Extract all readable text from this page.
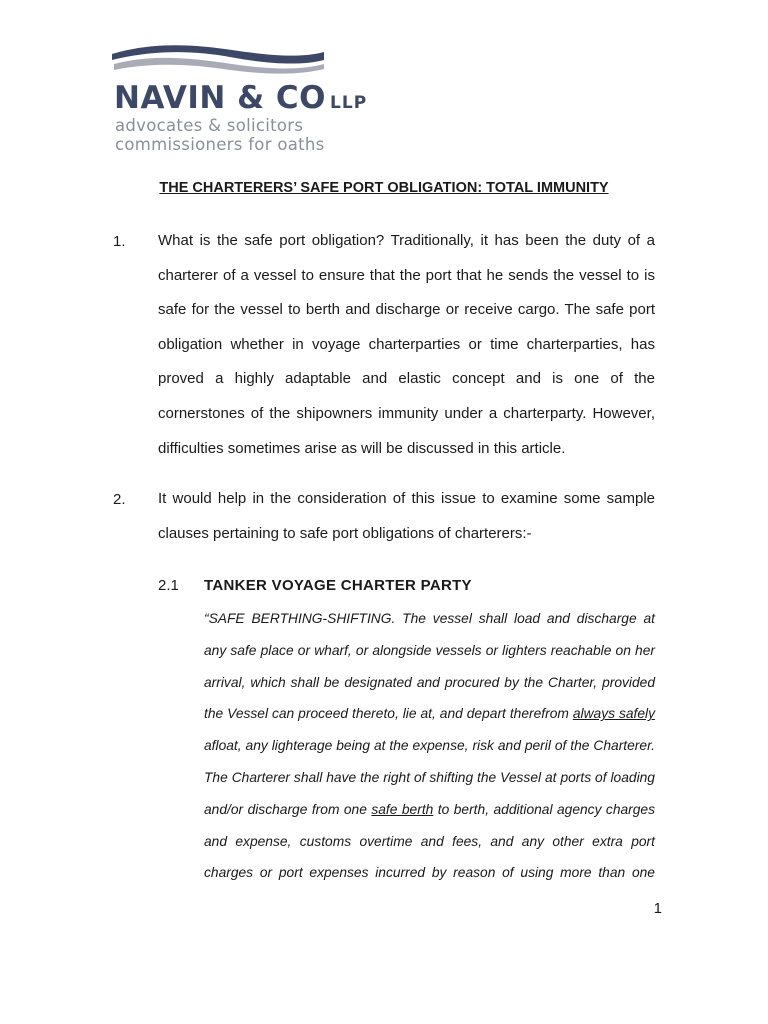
NAVIN & CO LLP
advocates & solicitors
commissioners for oaths
THE CHARTERERS’ SAFE PORT OBLIGATION: TOTAL IMMUNITY
1. What is the safe port obligation? Traditionally, it has been the duty of a charterer of a vessel to ensure that the port that he sends the vessel to is safe for the vessel to berth and discharge or receive cargo. The safe port obligation whether in voyage charterparties or time charterparties, has proved a highly adaptable and elastic concept and is one of the cornerstones of the shipowners immunity under a charterparty. However, difficulties sometimes arise as will be discussed in this article.
2. It would help in the consideration of this issue to examine some sample clauses pertaining to safe port obligations of charterers:-
2.1 TANKER VOYAGE CHARTER PARTY
“SAFE BERTHING-SHIFTING. The vessel shall load and discharge at any safe place or wharf, or alongside vessels or lighters reachable on her arrival, which shall be designated and procured by the Charter, provided the Vessel can proceed thereto, lie at, and depart therefrom always safely afloat, any lighterage being at the expense, risk and peril of the Charterer. The Charterer shall have the right of shifting the Vessel at ports of loading and/or discharge from one safe berth to berth, additional agency charges and expense, customs overtime and fees, and any other extra port charges or port expenses incurred by reason of using more than one
1
